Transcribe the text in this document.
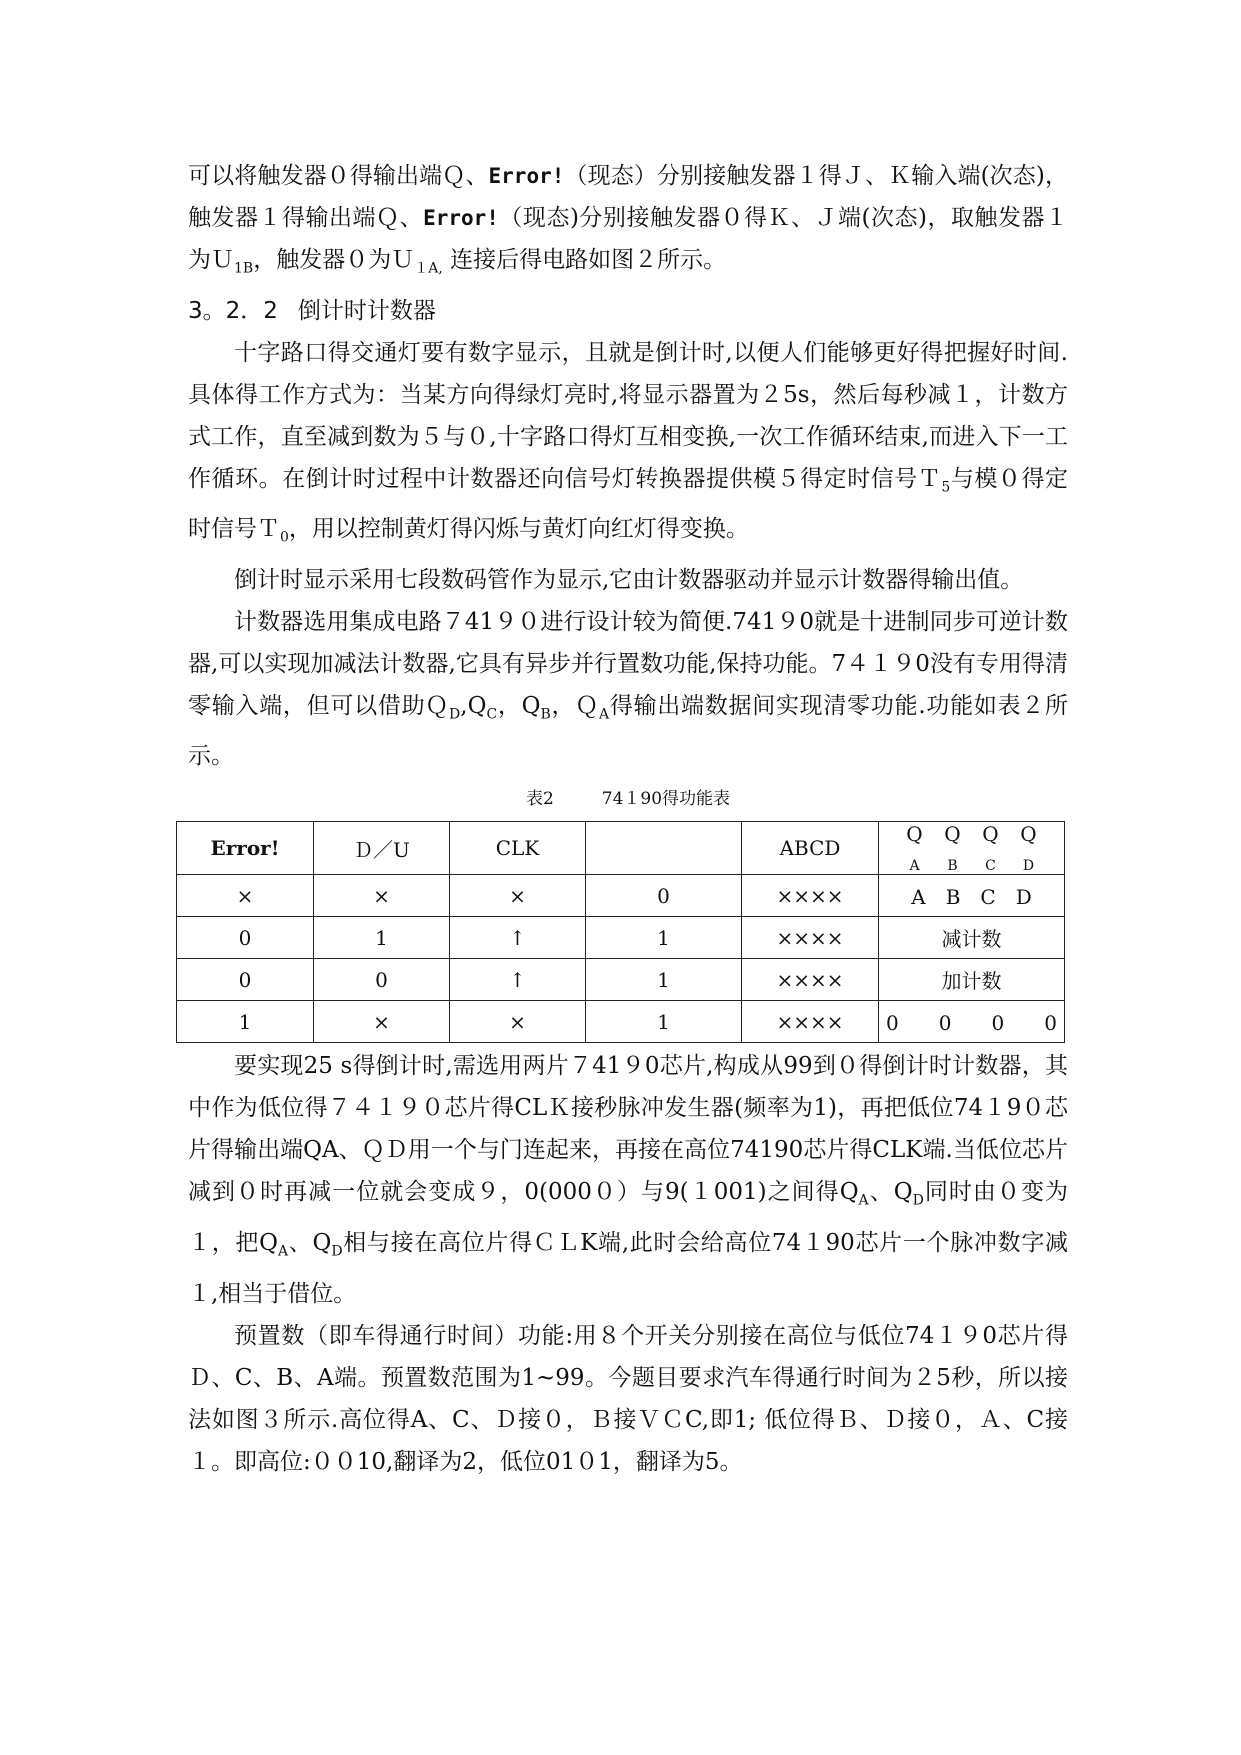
可以将触发器０得输出端Ｑ、Error!（现态）分别接触发器１得Ｊ、Ｋ输入端(次态)，触发器１得输出端Ｑ、Error!（现态)分别接触发器０得Ｋ、Ｊ端(次态)，取触发器１为Ｕ$_{1B}$，触发器０为Ｕ$_{1A,}$ 连接后得电路如图２所示。

3。2．2 倒计时计数器

十字路口得交通灯要有数字显示，且就是倒计时,以便人们能够更好得把握好时间.具体得工作方式为：当某方向得绿灯亮时,将显示器置为２5s，然后每秒减１，计数方式工作，直至减到数为５与０,十字路口得灯互相变换,一次工作循环结束,而进入下一工作循环。在倒计时过程中计数器还向信号灯转换器提供模５得定时信号Ｔ$_5$与模０得定时信号Ｔ$_0$，用以控制黄灯得闪烁与黄灯向红灯得变换。

倒计时显示采用七段数码管作为显示,它由计数器驱动并显示计数器得输出值。

计数器选用集成电路７41９０进行设计较为简便.741９0就是十进制同步可逆计数器,可以实现加减法计数器,它具有异步并行置数功能,保持功能。7４１９0没有专用得清零输入端，但可以借助$Q_D,Q_C$，$Q_B$，Ｑ$_A$得输出端数据间实现清零功能.功能如表２所示。

表2	74１90得功能表
Error!	Ｄ／U	CLK		ABCD	$Q_AQ_BQ_CQ_D$
×	×	×	0	××××	A　B　C　D
0	1	↑	1	××××	减计数
0	0	↑	1	××××	加计数
1	×	×	1	××××	0　　0　　0　　0

要实现25 s得倒计时,需选用两片７41９0芯片,构成从99到０得倒计时计数器，其中作为低位得７４１９０芯片得CLＫ接秒脉冲发生器(频率为1)，再把低位74１9０芯片得输出端QA、ＱＤ用一个与门连起来，再接在高位74190芯片得CLK端.当低位芯片减到０时再减一位就会变成９，0(000０）与9(１001)之间得$Q_A$、$Q_D$同时由０变为１，把$Q_A$、$Q_D$相与接在高位片得ＣＬK端,此时会给高位74１90芯片一个脉冲数字减１,相当于借位。

预置数（即车得通行时间）功能:用８个开关分别接在高位与低位74１９0芯片得Ｄ、C、B、A端。预置数范围为1~99。今题目要求汽车得通行时间为２5秒，所以接法如图３所示.高位得A、C、Ｄ接０，Ｂ接ＶＣC,即1; 低位得Ｂ、Ｄ接０，Ａ、C接１。即高位:００10,翻译为2，低位01０1，翻译为5。
